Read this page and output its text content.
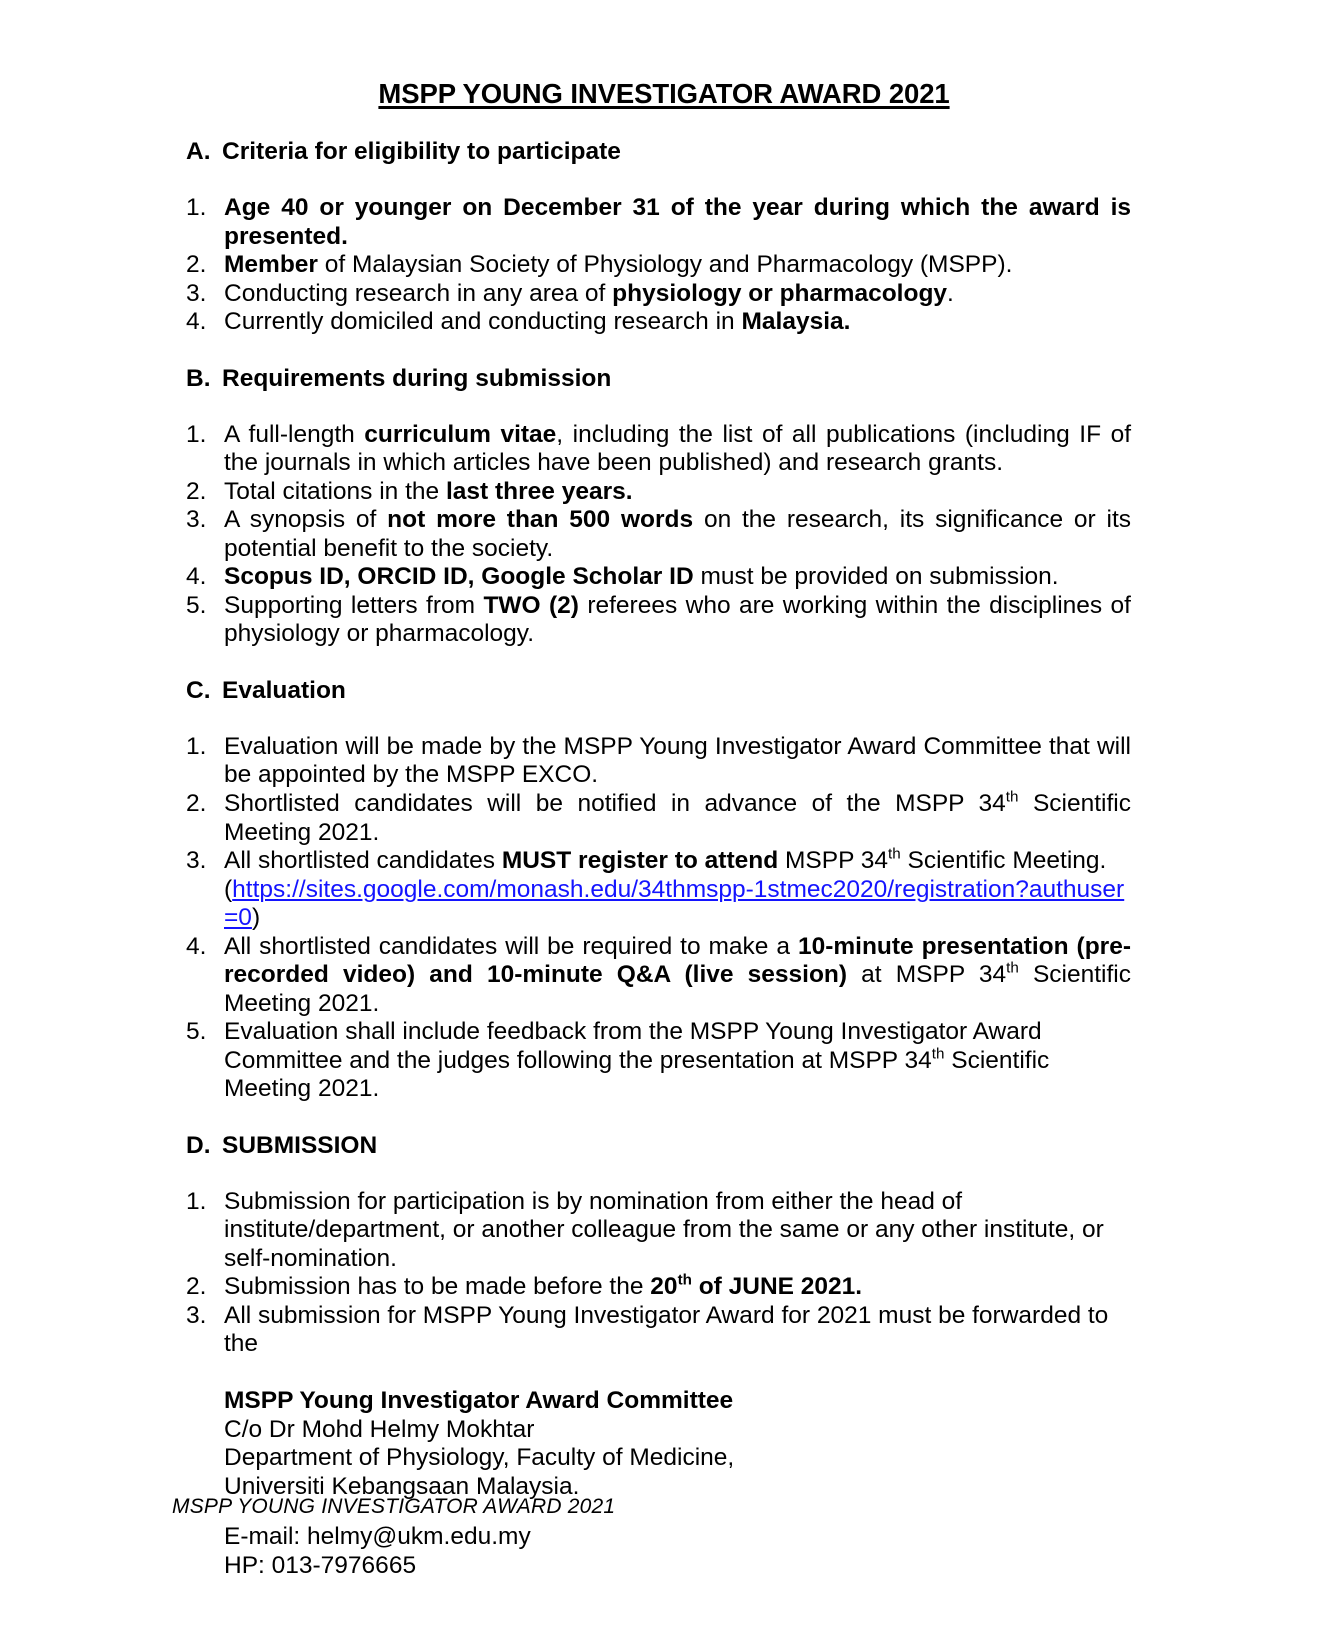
MSPP YOUNG INVESTIGATOR AWARD 2021
A. Criteria for eligibility to participate
1. Age 40 or younger on December 31 of the year during which the award is presented.
2. Member of Malaysian Society of Physiology and Pharmacology (MSPP).
3. Conducting research in any area of physiology or pharmacology.
4. Currently domiciled and conducting research in Malaysia.
B. Requirements during submission
1. A full-length curriculum vitae, including the list of all publications (including IF of the journals in which articles have been published) and research grants.
2. Total citations in the last three years.
3. A synopsis of not more than 500 words on the research, its significance or its potential benefit to the society.
4. Scopus ID, ORCID ID, Google Scholar ID must be provided on submission.
5. Supporting letters from TWO (2) referees who are working within the disciplines of physiology or pharmacology.
C. Evaluation
1. Evaluation will be made by the MSPP Young Investigator Award Committee that will be appointed by the MSPP EXCO.
2. Shortlisted candidates will be notified in advance of the MSPP 34th Scientific Meeting 2021.
3. All shortlisted candidates MUST register to attend MSPP 34th Scientific Meeting.
(https://sites.google.com/monash.edu/34thmspp-1stmec2020/registration?authuser=0)
4. All shortlisted candidates will be required to make a 10-minute presentation (pre-recorded video) and 10-minute Q&A (live session) at MSPP 34th Scientific Meeting 2021.
5. Evaluation shall include feedback from the MSPP Young Investigator Award Committee and the judges following the presentation at MSPP 34th Scientific Meeting 2021.
D. SUBMISSION
1. Submission for participation is by nomination from either the head of institute/department, or another colleague from the same or any other institute, or self-nomination.
2. Submission has to be made before the 20th of JUNE 2021.
3. All submission for MSPP Young Investigator Award for 2021 must be forwarded to the
MSPP Young Investigator Award Committee
C/o Dr Mohd Helmy Mokhtar
Department of Physiology, Faculty of Medicine,
Universiti Kebangsaan Malaysia.
E-mail: helmy@ukm.edu.my
HP: 013-7976665
MSPP YOUNG INVESTIGATOR AWARD 2021
